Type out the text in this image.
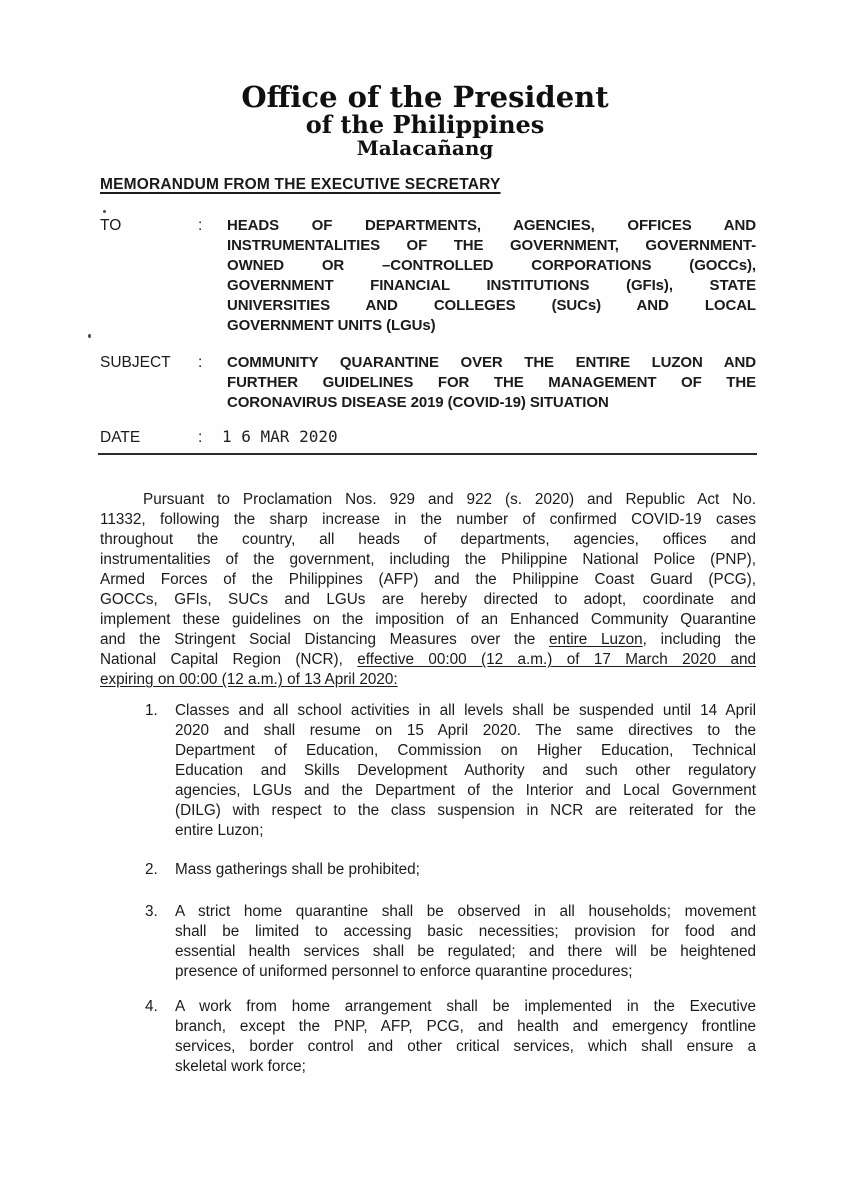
Office of the President
of the Philippines
Malacañang
MEMORANDUM FROM THE EXECUTIVE SECRETARY
TO	: HEADS OF DEPARTMENTS, AGENCIES, OFFICES AND
INSTRUMENTALITIES OF THE GOVERNMENT, GOVERNMENT-
OWNED OR –CONTROLLED CORPORATIONS (GOCCs),
GOVERNMENT FINANCIAL INSTITUTIONS (GFIs), STATE
UNIVERSITIES AND COLLEGES (SUCs) AND LOCAL
GOVERNMENT UNITS (LGUs)
SUBJECT : COMMUNITY QUARANTINE OVER THE ENTIRE LUZON AND
FURTHER GUIDELINES FOR THE MANAGEMENT OF THE
CORONAVIRUS DISEASE 2019 (COVID-19) SITUATION
DATE	: 1 6 MAR 2020
Pursuant to Proclamation Nos. 929 and 922 (s. 2020) and Republic Act No.
11332, following the sharp increase in the number of confirmed COVID-19 cases
throughout the country, all heads of departments, agencies, offices and
instrumentalities of the government, including the Philippine National Police (PNP),
Armed Forces of the Philippines (AFP) and the Philippine Coast Guard (PCG),
GOCCs, GFIs, SUCs and LGUs are hereby directed to adopt, coordinate and
implement these guidelines on the imposition of an Enhanced Community Quarantine
and the Stringent Social Distancing Measures over the entire Luzon, including the
National Capital Region (NCR), effective 00:00 (12 a.m.) of 17 March 2020 and
expiring on 00:00 (12 a.m.) of 13 April 2020:
1. Classes and all school activities in all levels shall be suspended until 14 April
2020 and shall resume on 15 April 2020. The same directives to the
Department of Education, Commission on Higher Education, Technical
Education and Skills Development Authority and such other regulatory
agencies, LGUs and the Department of the Interior and Local Government
(DILG) with respect to the class suspension in NCR are reiterated for the
entire Luzon;
2. Mass gatherings shall be prohibited;
3. A strict home quarantine shall be observed in all households; movement
shall be limited to accessing basic necessities; provision for food and
essential health services shall be regulated; and there will be heightened
presence of uniformed personnel to enforce quarantine procedures;
4. A work from home arrangement shall be implemented in the Executive
branch, except the PNP, AFP, PCG, and health and emergency frontline
services, border control and other critical services, which shall ensure a
skeletal work force;
